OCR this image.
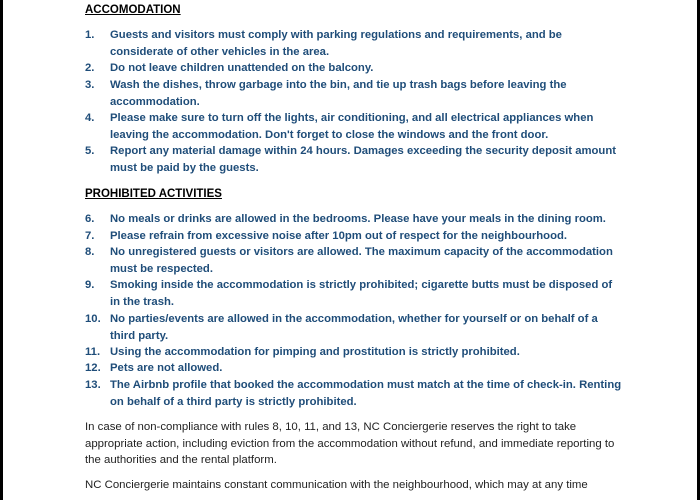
ACCOMODATION
1.	Guests and visitors must comply with parking regulations and requirements, and be considerate of other vehicles in the area.
2.	Do not leave children unattended on the balcony.
3.	Wash the dishes, throw garbage into the bin, and tie up trash bags before leaving the accommodation.
4.	Please make sure to turn off the lights, air conditioning, and all electrical appliances when leaving the accommodation. Don't forget to close the windows and the front door.
5.	Report any material damage within 24 hours. Damages exceeding the security deposit amount must be paid by the guests.
PROHIBITED ACTIVITIES
6.	No meals or drinks are allowed in the bedrooms. Please have your meals in the dining room.
7.	Please refrain from excessive noise after 10pm out of respect for the neighbourhood.
8.	No unregistered guests or visitors are allowed. The maximum capacity of the accommodation must be respected.
9.	Smoking inside the accommodation is strictly prohibited; cigarette butts must be disposed of in the trash.
10. No parties/events are allowed in the accommodation, whether for yourself or on behalf of a third party.
11. Using the accommodation for pimping and prostitution is strictly prohibited.
12. Pets are not allowed.
13. The Airbnb profile that booked the accommodation must match at the time of check-in. Renting on behalf of a third party is strictly prohibited.
In case of non-compliance with rules 8, 10, 11, and 13, NC Conciergerie reserves the right to take appropriate action, including eviction from the accommodation without refund, and immediate reporting to the authorities and the rental platform.
NC Conciergerie maintains constant communication with the neighbourhood, which may at any time
